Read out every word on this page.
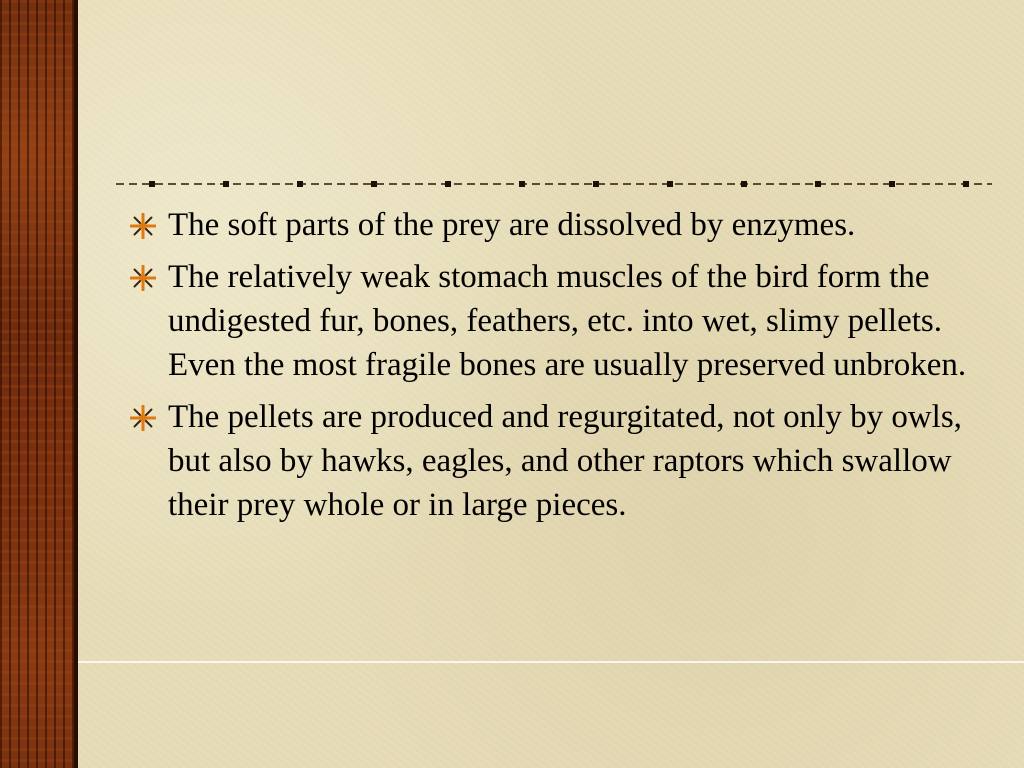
The soft parts of the prey are dissolved by enzymes.
The relatively weak stomach muscles of the bird form the undigested fur, bones, feathers, etc. into wet, slimy pellets. Even the most fragile bones are usually preserved unbroken.
The pellets are produced and regurgitated, not only by owls, but also by hawks, eagles, and other raptors which swallow their prey whole or in large pieces.
